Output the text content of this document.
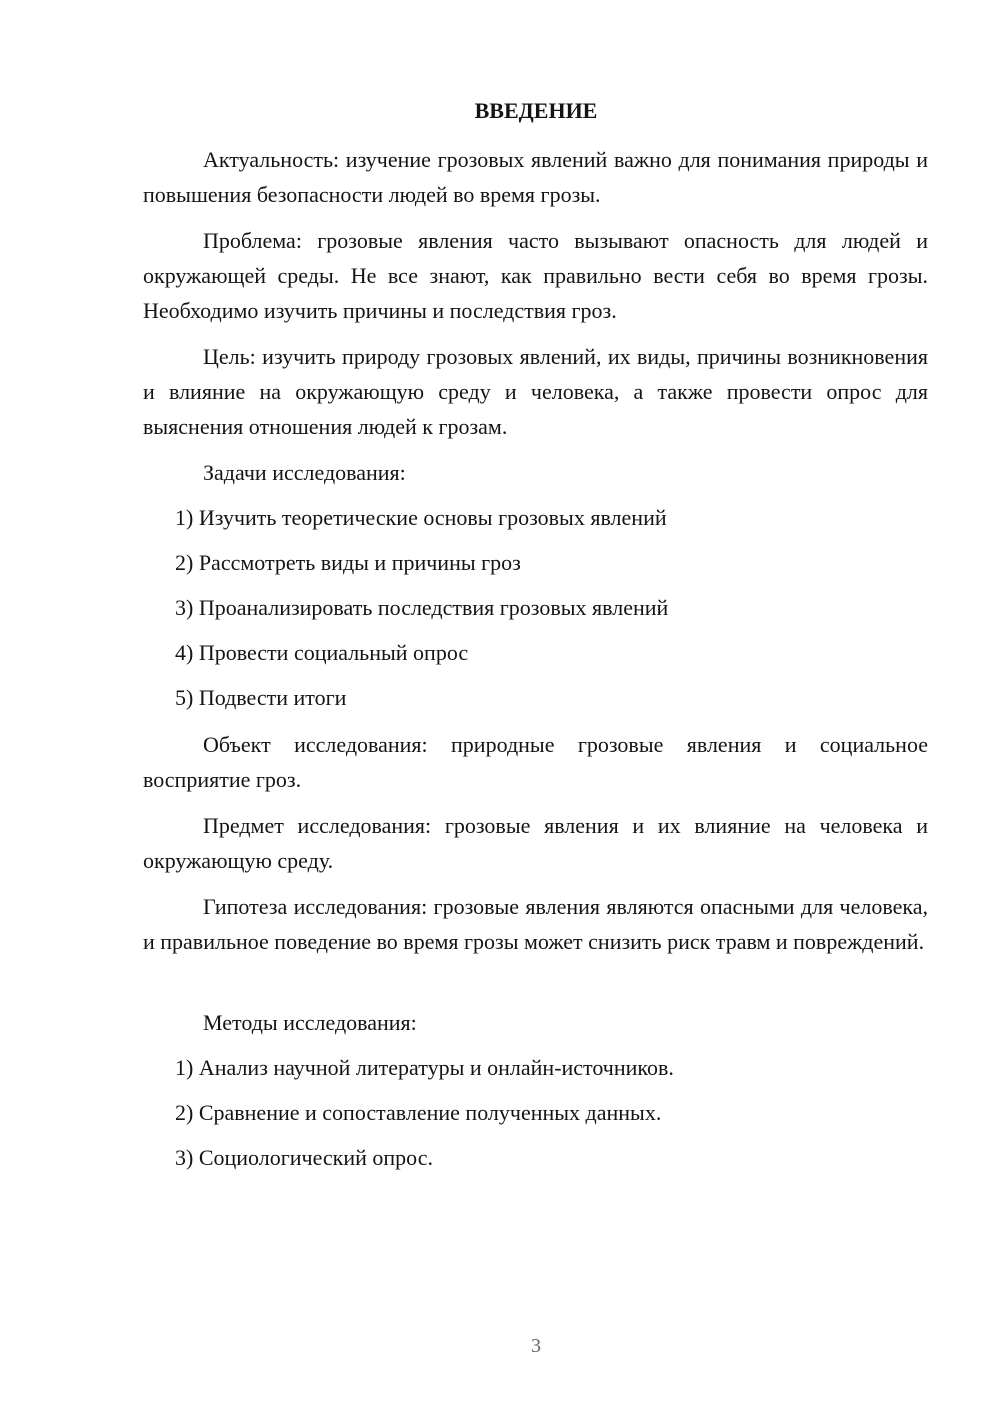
ВВЕДЕНИЕ

Актуальность: изучение грозовых явлений важно для понимания природы и повышения безопасности людей во время грозы.

Проблема: грозовые явления часто вызывают опасность для людей и окружающей среды. Не все знают, как правильно вести себя во время грозы. Необходимо изучить причины и последствия гроз.

Цель: изучить природу грозовых явлений, их виды, причины возникновения и влияние на окружающую среду и человека, а также провести опрос для выяснения отношения людей к грозам.

Задачи исследования:

1) Изучить теоретические основы грозовых явлений

2) Рассмотреть виды и причины гроз

3) Проанализировать последствия грозовых явлений

4) Провести социальный опрос

5) Подвести итоги

Объект исследования: природные грозовые явления и социальное восприятие гроз.

Предмет исследования: грозовые явления и их влияние на человека и окружающую среду.

Гипотеза исследования: грозовые явления являются опасными для человека, и правильное поведение во время грозы может снизить риск травм и повреждений.

Методы исследования:

1) Анализ научной литературы и онлайн-источников.

2) Сравнение и сопоставление полученных данных.

3) Социологический опрос.

3
